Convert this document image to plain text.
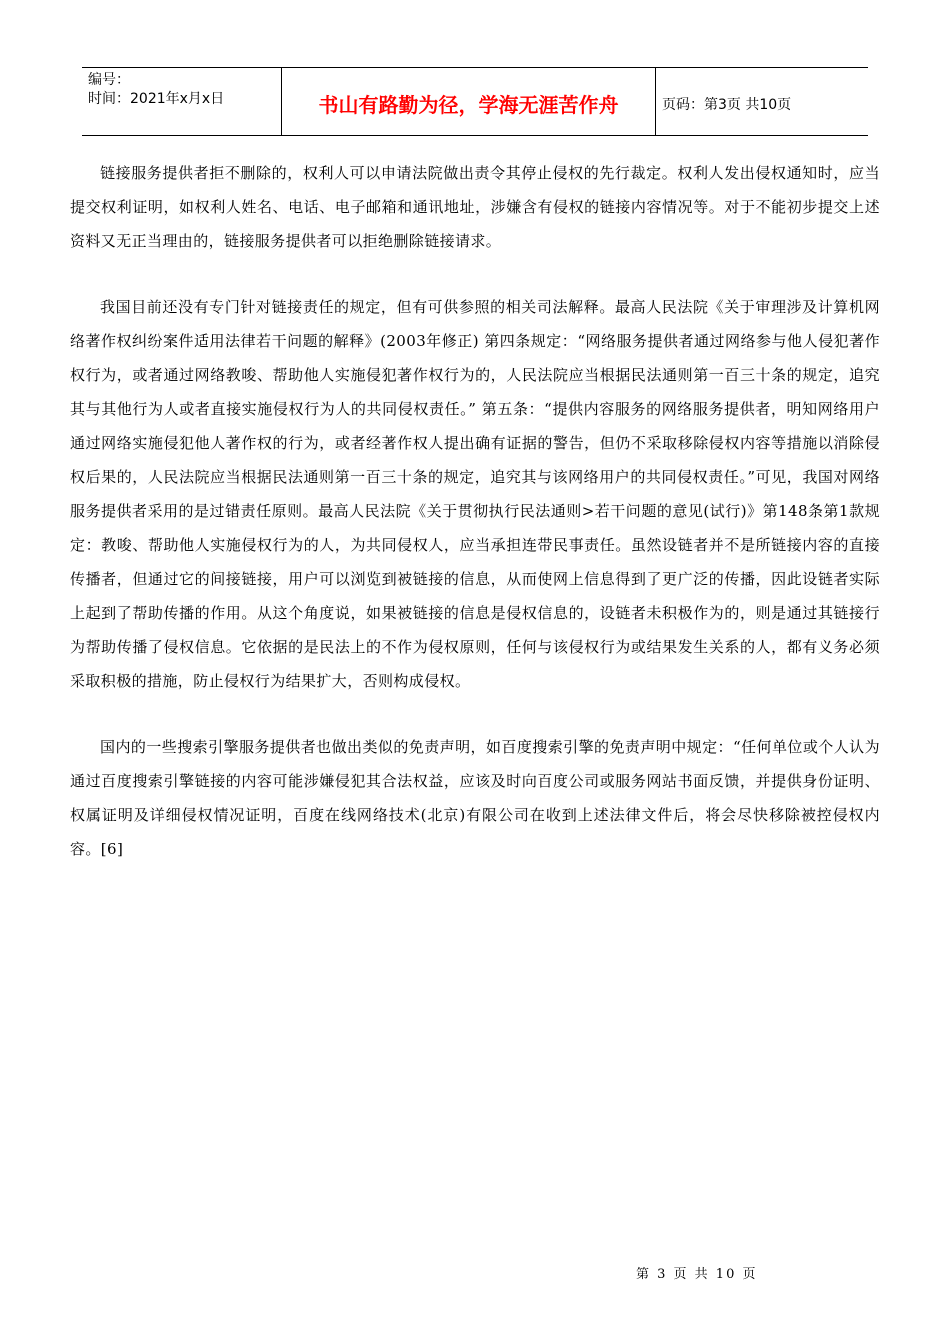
编号：
时间：2021年x月x日	书山有路勤为径，学海无涯苦作舟	页码：第3页 共10页

链接服务提供者拒不删除的，权利人可以申请法院做出责令其停止侵权的先行裁定。权利人发出侵权通知时，应当提交权利证明，如权利人姓名、电话、电子邮箱和通讯地址，涉嫌含有侵权的链接内容情况等。对于不能初步提交上述资料又无正当理由的，链接服务提供者可以拒绝删除链接请求。

我国目前还没有专门针对链接责任的规定，但有可供参照的相关司法解释。最高人民法院《关于审理涉及计算机网络著作权纠纷案件适用法律若干问题的解释》(2003年修正) 第四条规定：“网络服务提供者通过网络参与他人侵犯著作权行为，或者通过网络教唆、帮助他人实施侵犯著作权行为的，人民法院应当根据民法通则第一百三十条的规定，追究其与其他行为人或者直接实施侵权行为人的共同侵权责任。” 第五条：“提供内容服务的网络服务提供者，明知网络用户通过网络实施侵犯他人著作权的行为，或者经著作权人提出确有证据的警告，但仍不采取移除侵权内容等措施以消除侵权后果的，人民法院应当根据民法通则第一百三十条的规定，追究其与该网络用户的共同侵权责任。”可见，我国对网络服务提供者采用的是过错责任原则。最高人民法院《关于贯彻执行民法通则>若干问题的意见(试行)》第148条第1款规定：教唆、帮助他人实施侵权行为的人，为共同侵权人，应当承担连带民事责任。虽然设链者并不是所链接内容的直接传播者，但通过它的间接链接，用户可以浏览到被链接的信息，从而使网上信息得到了更广泛的传播，因此设链者实际上起到了帮助传播的作用。从这个角度说，如果被链接的信息是侵权信息的，设链者未积极作为的，则是通过其链接行为帮助传播了侵权信息。它依据的是民法上的不作为侵权原则，任何与该侵权行为或结果发生关系的人，都有义务必须采取积极的措施，防止侵权行为结果扩大，否则构成侵权。

国内的一些搜索引擎服务提供者也做出类似的免责声明，如百度搜索引擎的免责声明中规定：“任何单位或个人认为通过百度搜索引擎链接的内容可能涉嫌侵犯其合法权益，应该及时向百度公司或服务网站书面反馈，并提供身份证明、权属证明及详细侵权情况证明，百度在线网络技术(北京)有限公司在收到上述法律文件后，将会尽快移除被控侵权内容。[6]

第 3 页 共 10 页
